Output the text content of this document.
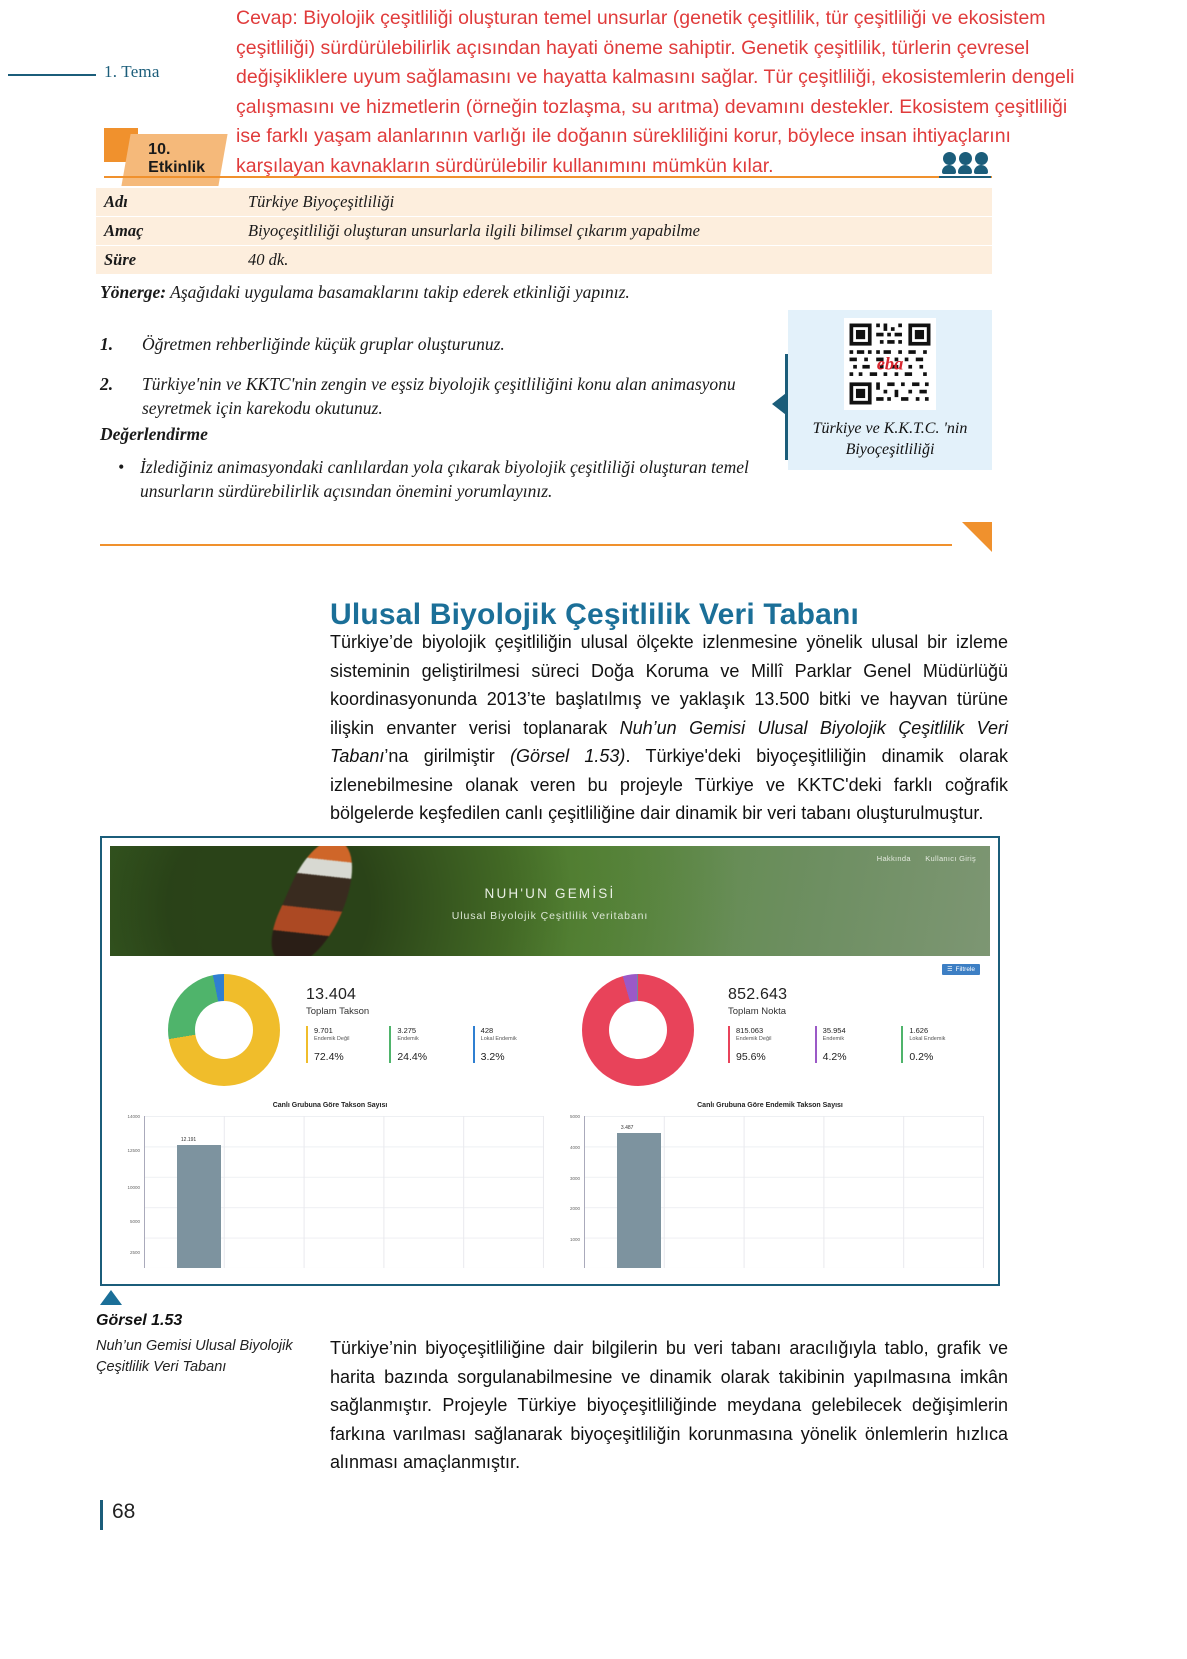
1. Tema
Cevap: Biyolojik çeşitliliği oluşturan temel unsurlar (genetik çeşitlilik, tür çeşitliliği ve ekosistem çeşitliliği) sürdürülebilirlik açısından hayati öneme sahiptir. Genetik çeşitlilik, türlerin çevresel değişikliklere uyum sağlamasını ve hayatta kalmasını sağlar. Tür çeşitliliği, ekosistemlerin dengeli çalışmasını ve hizmetlerin (örneğin tozlaşma, su arıtma) devamını destekler. Ekosistem çeşitliliği ise farklı yaşam alanlarının varlığı ile doğanın sürekliliğini korur, böylece insan ihtiyaçlarını karşılayan kavnakların sürdürülebilir kullanımını mümkün kılar.
10. Etkinlik
Adı	Türkiye Biyoçeşitliliği
Amaç	Biyoçeşitliliği oluşturan unsurlarla ilgili bilimsel çıkarım yapabilme
Süre	40 dk.
Yönerge: Aşağıdaki uygulama basamaklarını takip ederek etkinliği yapınız.
1.	Öğretmen rehberliğinde küçük gruplar oluşturunuz.
2.	Türkiye'nin ve KKTC'nin zengin ve eşsiz biyolojik çeşitliliğini konu alan animasyonu seyretmek için karekodu okutunuz.
Değerlendirme
• İzlediğiniz animasyondaki canlılardan yola çıkarak biyolojik çeşitliliği oluşturan temel unsurların sürdürebilirlik açısından önemini yorumlayınız.
eba
Türkiye ve K.K.T.C. 'nin
Biyoçeşitliliği
Ulusal Biyolojik Çeşitlilik Veri Tabanı
Türkiye’de biyolojik çeşitliliğin ulusal ölçekte izlenmesine yönelik ulusal bir izleme sisteminin geliştirilmesi süreci Doğa Koruma ve Millî Parklar Genel Müdürlüğü koordinasyonunda 2013’te başlatılmış ve yaklaşık 13.500 bitki ve hayvan türüne ilişkin envanter verisi toplanarak Nuh’un Gemisi Ulusal Biyolojik Çeşitlilik Veri Tabanı’na girilmiştir (Görsel 1.53). Türkiye'deki biyoçeşitliliğin dinamik olarak izlenebilmesine olanak veren bu projeyle Türkiye ve KKTC'deki farklı coğrafik bölgelerde keşfedilen canlı çeşitliliğine dair dinamik bir veri tabanı oluşturulmuştur.
Hakkında Kullanıcı Giriş
NUH'UN GEMİSİ
Ulusal Biyolojik Çeşitlilik Veritabanı
13.404
Toplam Takson
9.701
Endemik Değil
72.4%
3.275
Endemik
24.4%
428
Lokal Endemik
3.2%
☰ Filtrele
852.643
Toplam Nokta
815.063
Endemik Değil
95.6%
35.954
Endemik
4.2%
1.626
Lokal Endemik
0.2%
Canlı Grubuna Göre Takson Sayısı
14000
12500
10000
5000
2500
12.191
Canlı Grubuna Göre Endemik Takson Sayısı
5000
4000
3000
2000
1000
3.487
Görsel 1.53
Nuh’un Gemisi Ulusal Biyolojik Çeşitlilik Veri Tabanı
Türkiye’nin biyoçeşitliliğine dair bilgilerin bu veri tabanı aracılığıyla tablo, grafik ve harita bazında sorgulanabilmesine ve dinamik olarak takibinin yapılmasına imkân sağlanmıştır. Projeyle Türkiye biyoçeşitliliğinde meydana gelebilecek değişimlerin farkına varılması sağlanarak biyoçeşitliliğin korunmasına yönelik önlemlerin hızlıca alınması amaçlanmıştır.
68
